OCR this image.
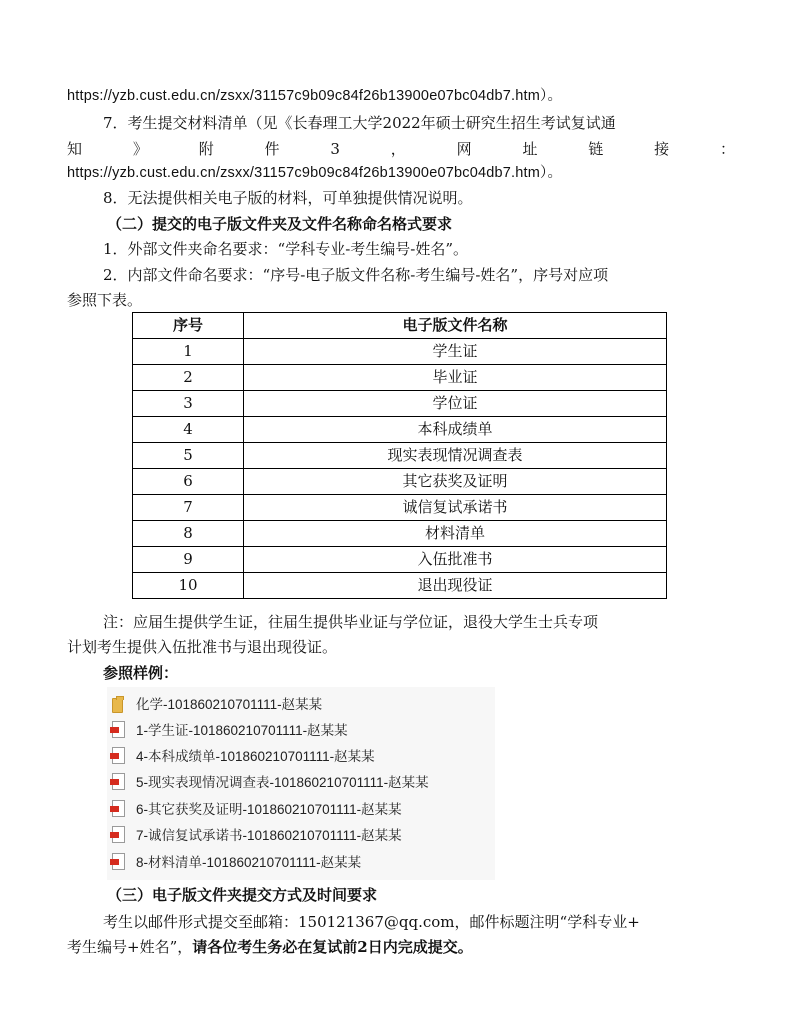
https://yzb.cust.edu.cn/zsxx/31157c9b09c84f26b13900e07bc04db7.htm）。
7．考生提交材料清单（见《长春理工大学2022年硕士研究生招生考试复试通
知	》	附	件	3	，	网	址	链	接	：
https://yzb.cust.edu.cn/zsxx/31157c9b09c84f26b13900e07bc04db7.htm）。
8．无法提供相关电子版的材料，可单独提供情况说明。
（二）提交的电子版文件夹及文件名称命名格式要求
1．外部文件夹命名要求：“学科专业-考生编号-姓名”。
2．内部文件命名要求：“序号-电子版文件名称-考生编号-姓名”，序号对应项
参照下表。
序号	电子版文件名称
1	学生证
2	毕业证
3	学位证
4	本科成绩单
5	现实表现情况调查表
6	其它获奖及证明
7	诚信复试承诺书
8	材料清单
9	入伍批准书
10	退出现役证
注：应届生提供学生证，往届生提供毕业证与学位证，退役大学生士兵专项
计划考生提供入伍批准书与退出现役证。
参照样例：
化学-101860210701111-赵某某
1-学生证-101860210701111-赵某某
4-本科成绩单-101860210701111-赵某某
5-现实表现情况调查表-101860210701111-赵某某
6-其它获奖及证明-101860210701111-赵某某
7-诚信复试承诺书-101860210701111-赵某某
8-材料清单-101860210701111-赵某某
（三）电子版文件夹提交方式及时间要求
考生以邮件形式提交至邮箱：150121367@qq.com，邮件标题注明“学科专业+
考生编号+姓名”，请各位考生务必在复试前2日内完成提交。
